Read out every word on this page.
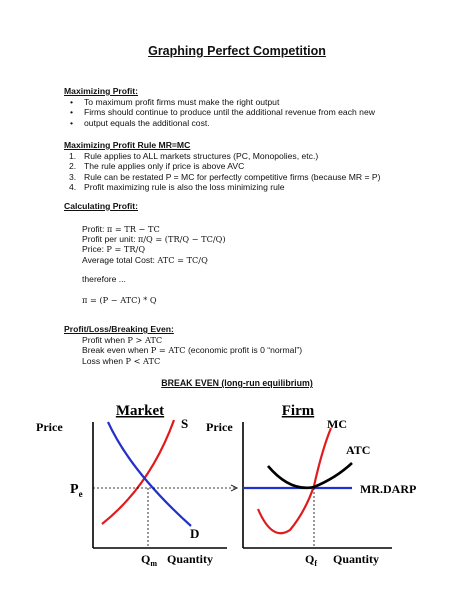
Graphing Perfect Competition
Maximizing Profit:
• To maximum profit firms must make the right output
• Firms should continue to produce until the additional revenue from each new
• output equals the additional cost.
Maximizing Profit Rule MR=MC
1. Rule applies to ALL markets structures (PC, Monopolies, etc.)
2. The rule applies only if price is above AVC
3. Rule can be restated P = MC for perfectly competitive firms (because MR = P)
4. Profit maximizing rule is also the loss minimizing rule
Calculating Profit:
Profit: π = TR − TC
Profit per unit: π/Q = (TR/Q − TC/Q)
Price: P = TR/Q
Average total Cost: ATC = TC/Q
therefore ...
π = (P − ATC) * Q
Profit/Loss/Breaking Even:
Profit when P > ATC
Break even when P = ATC (economic profit is 0 “normal”)
Loss when P < ATC
BREAK EVEN (long-run equilibrium)
Market
Price	S
D
$P_e$
$Q_m$ Quantity
Firm
Price	MC
ATC
MR.DARP
$Q_f$ Quantity
